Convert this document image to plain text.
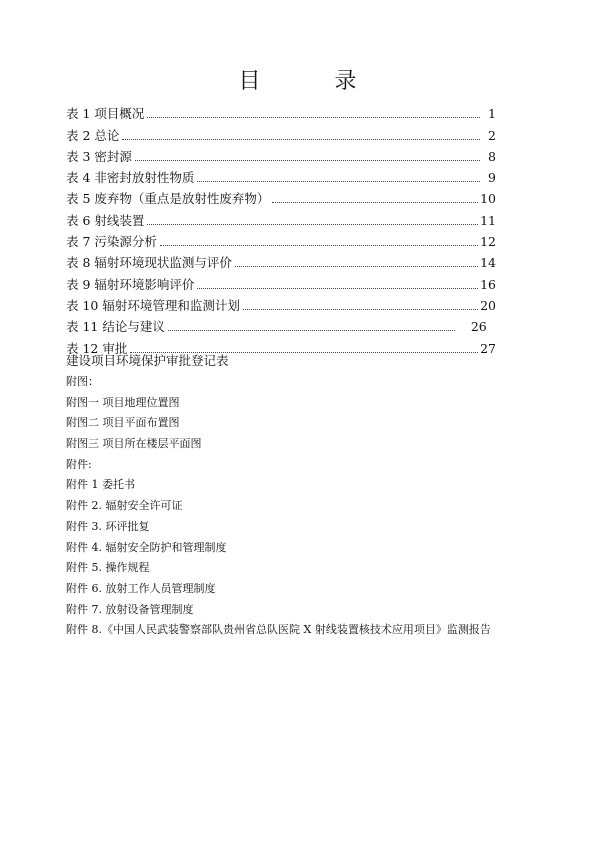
目　录
表 1 项目概况	1
表 2 总论	2
表 3 密封源	8
表 4 非密封放射性物质	9
表 5 废弃物（重点是放射性废弃物）	10
表 6 射线装置	11
表 7 污染源分析	12
表 8 辐射环境现状监测与评价	14
表 9 辐射环境影响评价	16
表 10 辐射环境管理和监测计划	20
表 11 结论与建议	26
表 12 审批	27
建设项目环境保护审批登记表
附图：
附图一 项目地理位置图
附图二 项目平面布置图
附图三 项目所在楼层平面图
附件:
附件 1 委托书
附件 2. 辐射安全许可证
附件 3. 环评批复
附件 4. 辐射安全防护和管理制度
附件 5. 操作规程
附件 6. 放射工作人员管理制度
附件 7. 放射设备管理制度
附件 8.《中国人民武装警察部队贵州省总队医院 X 射线装置核技术应用项目》监测报告
